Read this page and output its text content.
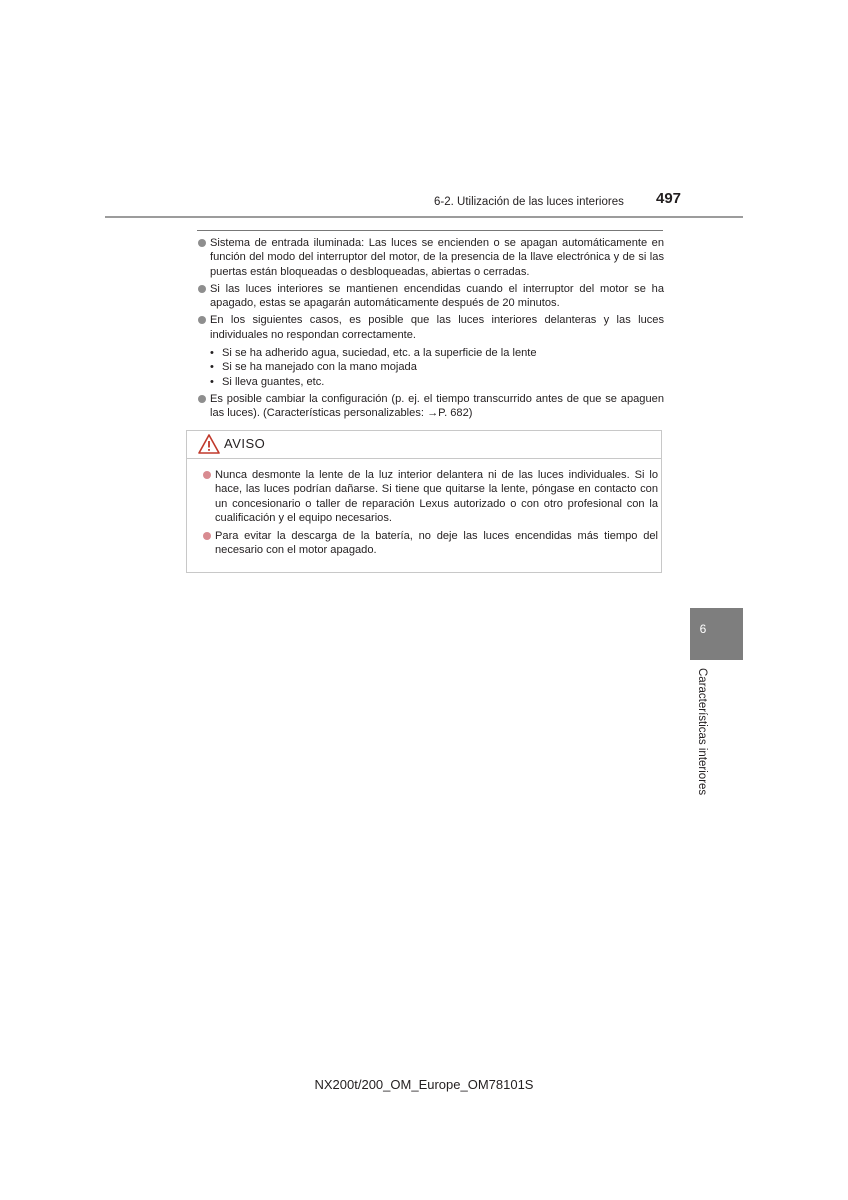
6-2. Utilización de las luces interiores 497
Sistema de entrada iluminada: Las luces se encienden o se apagan automáticamente en función del modo del interruptor del motor, de la presencia de la llave electrónica y de si las puertas están bloqueadas o desbloqueadas, abiertas o cerradas.
Si las luces interiores se mantienen encendidas cuando el interruptor del motor se ha apagado, estas se apagarán automáticamente después de 20 minutos.
En los siguientes casos, es posible que las luces interiores delanteras y las luces individuales no respondan correctamente.
• Si se ha adherido agua, suciedad, etc. a la superficie de la lente
• Si se ha manejado con la mano mojada
• Si lleva guantes, etc.
Es posible cambiar la configuración (p. ej. el tiempo transcurrido antes de que se apaguen las luces). (Características personalizables: →P. 682)
AVISO
Nunca desmonte la lente de la luz interior delantera ni de las luces individuales. Si lo hace, las luces podrían dañarse. Si tiene que quitarse la lente, póngase en contacto con un concesionario o taller de reparación Lexus autorizado o con otro profesional con la cualificación y el equipo necesarios.
Para evitar la descarga de la batería, no deje las luces encendidas más tiempo del necesario con el motor apagado.
6
Características interiores
NX200t/200_OM_Europe_OM78101S
